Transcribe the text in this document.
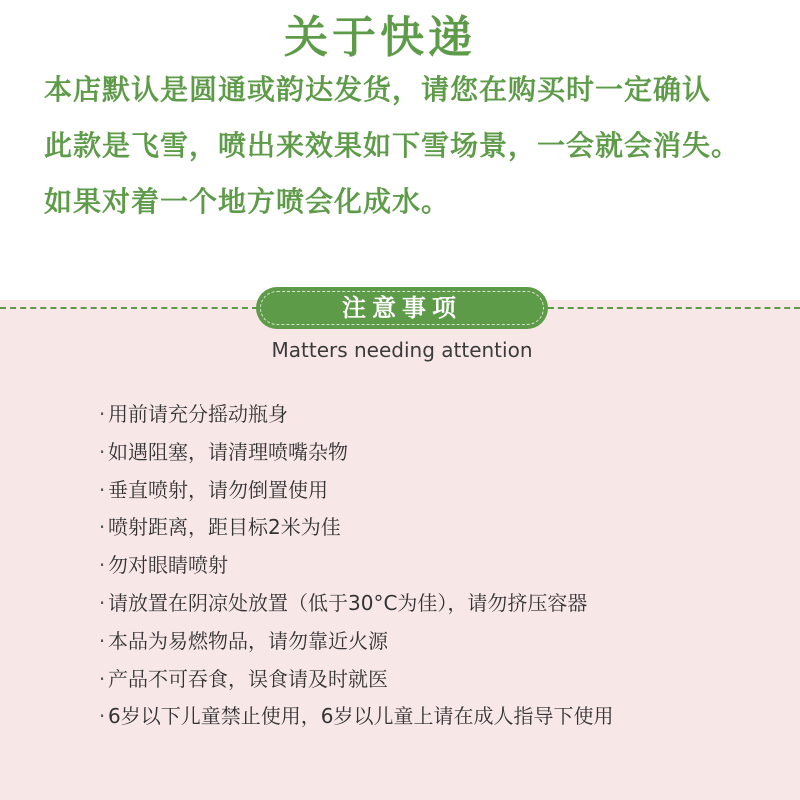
关于快递
本店默认是圆通或韵达发货，请您在购买时一定确认
此款是飞雪，喷出来效果如下雪场景，一会就会消失。
如果对着一个地方喷会化成水。
注意事项
Matters needing attention
· 用前请充分摇动瓶身
· 如遇阻塞，请清理喷嘴杂物
· 垂直喷射，请勿倒置使用
· 喷射距离，距目标2米为佳
· 勿对眼睛喷射
· 请放置在阴凉处放置（低于30°C为佳），请勿挤压容器
· 本品为易燃物品，请勿靠近火源
· 产品不可吞食，误食请及时就医
· 6岁以下儿童禁止使用，6岁以儿童上请在成人指导下使用
